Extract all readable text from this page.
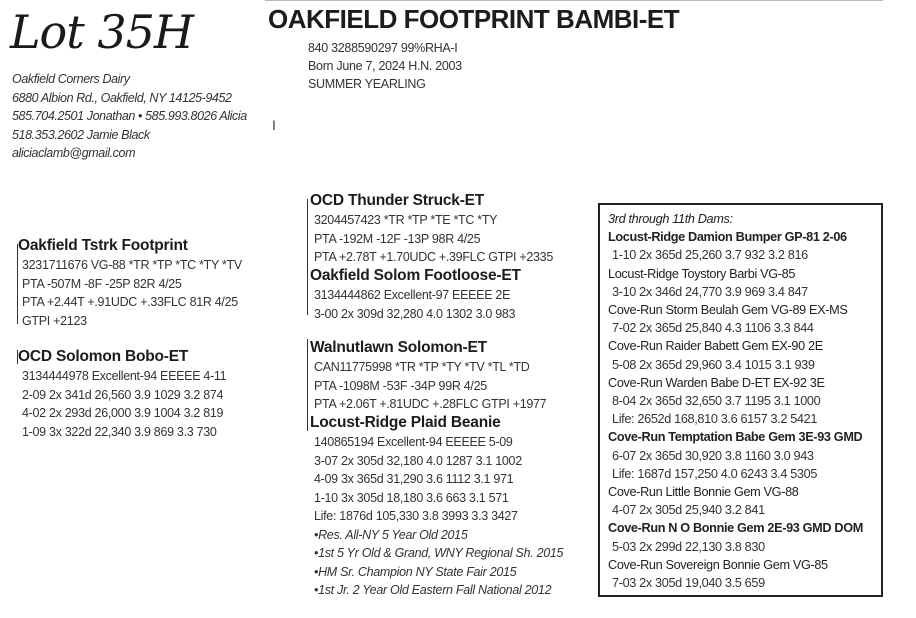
Lot 35H	OAKFIELD FOOTPRINT BAMBI-ET
840 3288590297 99%RHA-I
Born June 7, 2024 H.N. 2003
SUMMER YEARLING
Oakfield Corners Dairy
6880 Albion Rd., Oakfield, NY 14125-9452
585.704.2501 Jonathan • 585.993.8026 Alicia
518.353.2602 Jamie Black
aliciaclamb@gmail.com
I
Oakfield Tstrk Footprint
3231711676 VG-88 *TR *TP *TC *TY *TV
PTA -507M -8F -25P 82R 4/25
PTA +2.44T +.91UDC +.33FLC 81R 4/25
GTPI +2123
OCD Solomon Bobo-ET
3134444978 Excellent-94 EEEEE 4-11
2-09 2x 341d 26,560 3.9 1029 3.2 874
4-02 2x 293d 26,000 3.9 1004 3.2 819
1-09 3x 322d 22,340 3.9 869 3.3 730
OCD Thunder Struck-ET
3204457423 *TR *TP *TE *TC *TY
PTA -192M -12F -13P 98R 4/25
PTA +2.78T +1.70UDC +.39FLC GTPI +2335
Oakfield Solom Footloose-ET
3134444862 Excellent-97 EEEEE 2E
3-00 2x 309d 32,280 4.0 1302 3.0 983
Walnutlawn Solomon-ET
CAN11775998 *TR *TP *TY *TV *TL *TD
PTA -1098M -53F -34P 99R 4/25
PTA +2.06T +.81UDC +.28FLC GTPI +1977
Locust-Ridge Plaid Beanie
140865194 Excellent-94 EEEEE 5-09
3-07 2x 305d 32,180 4.0 1287 3.1 1002
4-09 3x 365d 31,290 3.6 1112 3.1 971
1-10 3x 305d 18,180 3.6 663 3.1 571
Life: 1876d 105,330 3.8 3993 3.3 3427
•Res. All-NY 5 Year Old 2015
•1st 5 Yr Old & Grand, WNY Regional Sh. 2015
•HM Sr. Champion NY State Fair 2015
•1st Jr. 2 Year Old Eastern Fall National 2012
3rd through 11th Dams:
Locust-Ridge Damion Bumper GP-81 2-06
1-10 2x 365d 25,260 3.7 932 3.2 816
Locust-Ridge Toystory Barbi VG-85
3-10 2x 346d 24,770 3.9 969 3.4 847
Cove-Run Storm Beulah Gem VG-89 EX-MS
7-02 2x 365d 25,840 4.3 1106 3.3 844
Cove-Run Raider Babett Gem EX-90 2E
5-08 2x 365d 29,960 3.4 1015 3.1 939
Cove-Run Warden Babe D-ET EX-92 3E
8-04 2x 365d 32,650 3.7 1195 3.1 1000
Life: 2652d 168,810 3.6 6157 3.2 5421
Cove-Run Temptation Babe Gem 3E-93 GMD
6-07 2x 365d 30,920 3.8 1160 3.0 943
Life: 1687d 157,250 4.0 6243 3.4 5305
Cove-Run Little Bonnie Gem VG-88
4-07 2x 305d 25,940 3.2 841
Cove-Run N O Bonnie Gem 2E-93 GMD DOM
5-03 2x 299d 22,130 3.8 830
Cove-Run Sovereign Bonnie Gem VG-85
7-03 2x 305d 19,040 3.5 659
